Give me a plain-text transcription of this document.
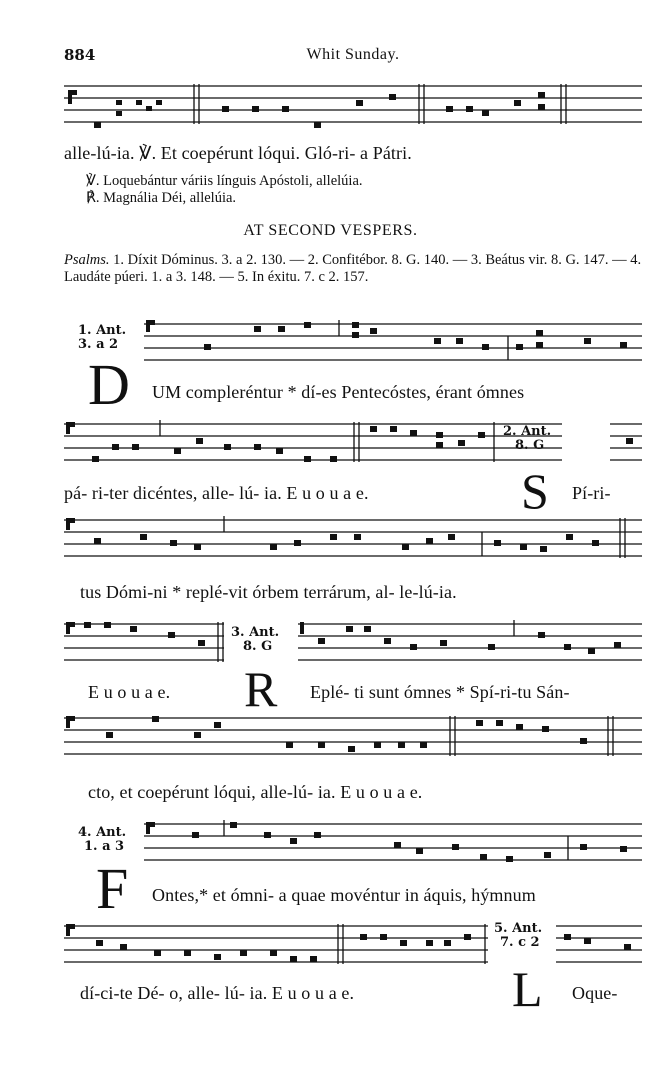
884	Whit Sunday.
alle-lú-ia. ℣. Et coepérunt lóqui. Gló-ri- a Pátri.
℣. Loquebántur váriis línguis Apóstoli, allelúia.
℟. Magnália Déi, allelúia.
AT SECOND VESPERS.
Psalms. 1. Díxit Dóminus. 3. a 2. 130. — 2. Confitébor. 8. G. 140. — 3. Beátus vir. 8. G. 147. — 4. Laudáte púeri. 1. a 3. 148. — 5. In éxitu. 7. c 2. 157.
1. Ant.
3. a 2
D UM compleréntur * dí-es Pentecóstes, érant ómnes
2. Ant.
8. G
pá- ri-ter dicéntes, alle- lú- ia. E u o u a e.	S Pí-ri-
tus Dómi-ni * replé-vit órbem terrárum, al- le-lú-ia.
3. Ant.
8. G
E u o u a e.	R Eplé- ti sunt ómnes * Spí-ri-tu Sán-
cto, et coepérunt lóqui, alle-lú- ia. E u o u a e.
4. Ant.
1. a 3
F Ontes,* et ómni- a quae movéntur in áquis, hýmnum
5. Ant.
7. c 2
dí-ci-te Dé- o, alle- lú- ia. E u o u a e.	L Oque-
